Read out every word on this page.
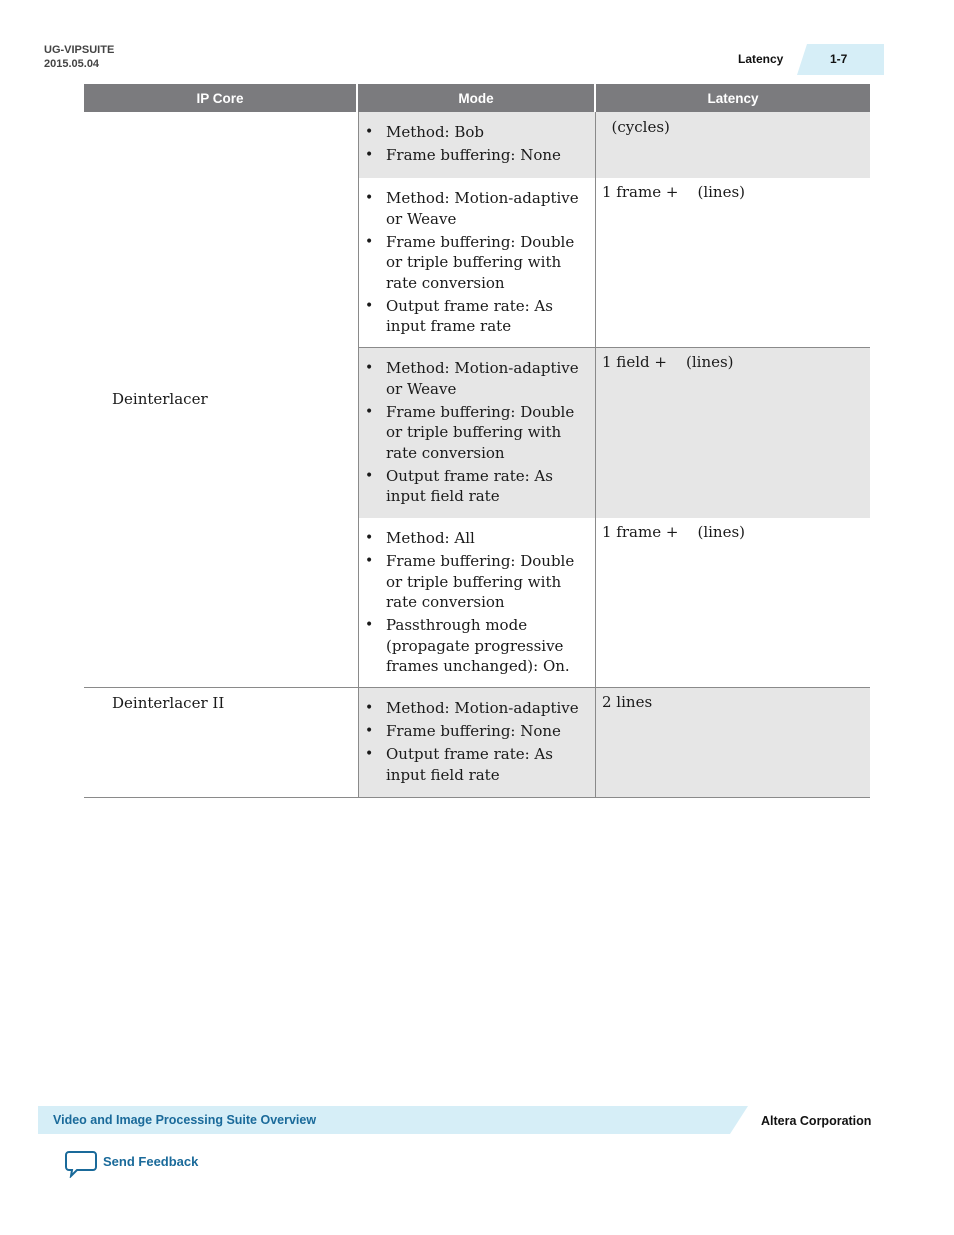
UG-VIPSUITE
2015.05.04	Latency	1-7
IP Core	Mode	Latency
Deinterlacer
• Method: Bob
• Frame buffering: None
(cycles)
• Method: Motion-adaptive or Weave
• Frame buffering: Double or triple buffering with rate conversion
• Output frame rate: As input frame rate
1 frame +    (lines)
• Method: Motion-adaptive or Weave
• Frame buffering: Double or triple buffering with rate conversion
• Output frame rate: As input field rate
1 field +    (lines)
• Method: All
• Frame buffering: Double or triple buffering with rate conversion
• Passthrough mode (propagate progressive frames unchanged): On.
1 frame +    (lines)
Deinterlacer II
•	Method: Motion-adaptive
• Frame buffering: None
• Output frame rate: As input field rate
2 lines
Video and Image Processing Suite Overview	Altera Corporation
Send Feedback
